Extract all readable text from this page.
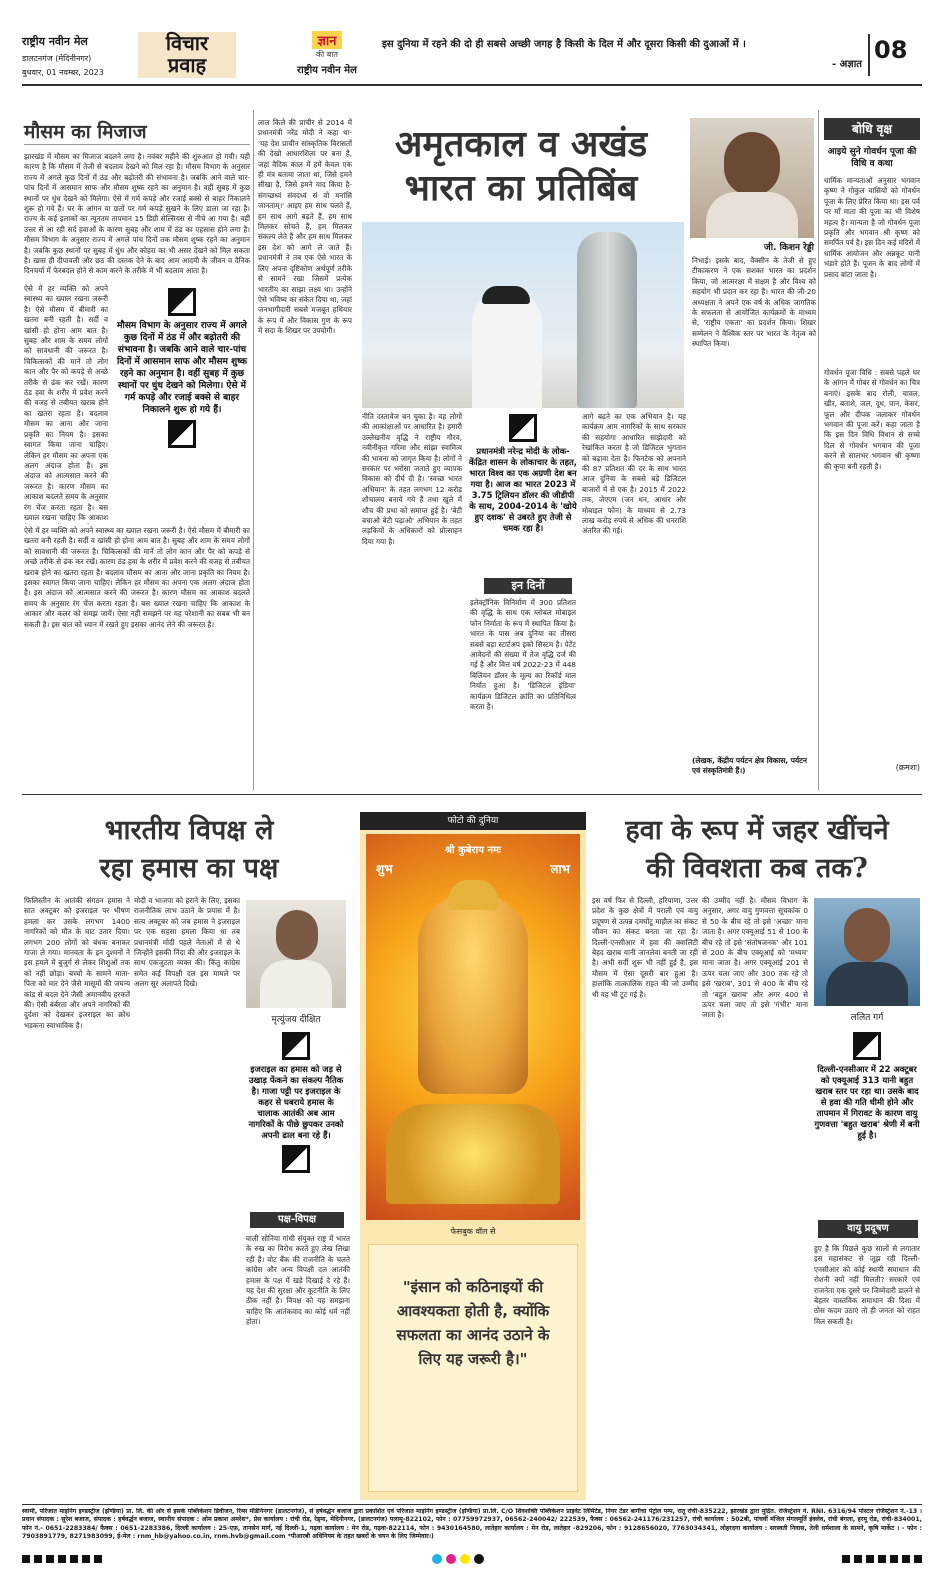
राष्ट्रीय नवीन मेल
डालटनगंज (मेदिनीनगर)
बुधवार, 01 नवम्बर, 2023
विचार
प्रवाह
ज्ञान
की बात
राष्ट्रीय नवीन मेल
इस दुनिया में रहने की दो ही सबसे अच्छी जगह है किसी के दिल में और दूसरा किसी की दुआओं में ।
- अज्ञात
08
मौसम का मिजाज
झारखंड में मौसम का मिजाज बदलने लगा है। नवंबर महीने की शुरुआत हो गयी। यही कारण है कि मौसम में तेजी से बदलाव देखने को मिल रहा है। मौसम विभाग के अनुसार राज्य में अगले कुछ दिनों में ठंड और बढ़ोतरी की संभावना है। जबकि आने वाले चार-पांच दिनों में आसमान साफ और मौसम शुष्क रहने का अनुमान है। वहीं सुबह में कुछ स्थानों पर धुंध देखने को मिलेगा। ऐसे में गर्म कपड़े और रजाई बक्से से बाहर निकालने शुरू हो गये हैं। घर के आंगन या छतों पर गर्म कपड़े सुखने के लिए डाला जा रहा है। राज्य के कई इलाकों का न्यूनतम तापमान 15 डिग्री सेल्सियस से नीचे आ गया है। वहीं उत्तर से आ रही सर्द हवाओं के कारण सुबह और शाम में ठंड का एहसास होने लगा है। मौसम विभाग के अनुसार राज्य में अगले पांच दिनों तक मौसम शुष्क रहने का अनुमान है। जबकि कुछ स्थानों पर सुबह में धुंध और कोहरा का भी असर देखने को मिल सकता है। खास ही दीपावली और छठ की दस्तक देने के बाद आम आदमी के जीवन व दैनिक दिनचर्या में फेरबदल होने से काम करने के तरीके में भी बदलाव आता है।
मौसम विभाग के अनुसार राज्य में अगले कुछ दिनों में ठंड में और बढ़ोतरी की संभावना है। जबकि आने वाले चार-पांच दिनों में आसमान साफ और मौसम शुष्क रहने का अनुमान है। वहीं सुबह में कुछ स्थानों पर धुंध देखने को मिलेगा। ऐसे में गर्म कपड़े और रजाई बक्से से बाहर निकालने शुरू हो गये हैं।
ऐसे में हर व्यक्ति को अपने स्वास्थ्य का ख्याल रखना जरूरी है। ऐसे मौसम में बीमारी का खतरा बनी रहती है। सर्दी व खांसी हो होना आम बात है। सुबह और शाम के समय लोगों को सावधानी की जरूरत है। चिकित्सकों की मानें तो लोग कान और पैर को कपड़े से अच्छे तरीके से ढंक कर रखें। कारण ठंड हवा के शरीर में प्रवेश करने की वजह से तबीयत खराब होने का खतरा रहता है। बदलाव मौसम का आना और जाना प्रकृति का नियम है। इसका स्वागत किया जाना चाहिए। लेकिन हर मौसम का अपना एक अलग अंदाज होता है। इस अंदाज को आत्मसात करने की जरूरत है। कारण मौसम का आकाश बदलते समय के अनुसार रंग चेंज करता रहता है। बस ख्याल रखना चाहिए कि आकाश
ऐसे में हर व्यक्ति को अपने स्वास्थ्य का ख्याल रखना जरूरी है। ऐसे मौसम में बीमारी का खतरा बनी रहती है। सर्दी व खांसी हो होना आम बात है। सुबह और शाम के समय लोगों को सावधानी की जरूरत है। चिकित्सकों की मानें तो लोग कान और पैर को कपड़े से अच्छे तरीके से ढंक कर रखें। कारण ठंड हवा के शरीर में प्रवेश करने की वजह से तबीयत खराब होने का खतरा रहता है। बदलाव मौसम का आना और जाना प्रकृति का नियम है। इसका स्वागत किया जाना चाहिए। लेकिन हर मौसम का अपना एक अलग अंदाज होता है। इस अंदाज को आत्मसात करने की जरूरत है। कारण मौसम का आकाश बदलते समय के अनुसार रंग चेंज करता रहता है। बस ख्याल रखना चाहिए कि आकाश के आकार और कलर को समझ जायें। ऐसा नहीं समझने पर यह परेशानी का सबब भी बन सकती है। इस बात को ध्यान में रखते हुए इसका आनंद लेने की जरूरत है।
लाल किले की प्राचीर से 2014 में प्रधानमंत्री नरेंद्र मोदी ने कहा था- 'यह देश प्राचीन सांस्कृतिक विरासतों की देखो आधारशिला पर बना है, जहां वैदिक काल में हमें केवल एक ही मंत्र बताया जाता था, जिसे हमने सीखा है, जिसे हमने याद किया है- संगच्छध्वं संवदध्वं सं वो मनांसि जानताम्।' आइए हम साथ चलते हैं, हम साथ आगे बढ़ते हैं, हम साथ मिलकर सोचते हैं, हम मिलकर संकल्प लेते हैं और हम साथ मिलकर इस देश को आगे ले जाते हैं। प्रधानमंत्री ने तब एक ऐसे भारत के लिए अपना दृष्टिकोण अर्थपूर्ण तरीके से सामने रखा जिसमें प्रत्येक भारतीय का साझा लक्ष्य था। उन्होंने ऐसे भविष्य का संकेत दिया था, जहां जनभागीदारी सबसे मजबूत हथियार के रूप में और विकास गुण के रूप में सदा के शिखर पर उपयोगी।
अमृतकाल व अखंड
भारत का प्रतिबिंब
जी. किशन रेड्डी
नीति दस्तावेज बन चुका है। वह लोगों की आकांक्षाओं पर आधारित है। हमारी उल्लेखनीय वृद्धि ने राष्ट्रीय गौरव, नवीनीकृत गरिमा और सांझा स्वामित्व की भावना को जागृत किया है। लोगों ने सरकार पर भरोसा जताते हुए व्यापक विकास को दीर्घ दी है। 'स्वच्छ भारत अभियान' के तहत लगभग 12 करोड़ शौचालय बनाये गये हैं तथा खुले में शौच की प्रथा को समाप्त हुई है। 'बेटी बचाओ बेटी पढ़ाओ' अभियान के तहत लड़कियों के अधिकारों को प्रोत्साहन दिया गया है।
प्रधानमंत्री नरेन्द्र मोदी के लोक-केंद्रित शासन के लोकाचार के तहत, भारत विश्व का एक अग्रणी देश बन गया है। आज का भारत 2023 में 3.75 ट्रिलियन डॉलर की जीडीपी के साथ, 2004-2014 के 'खोये हुए दशक' से उबरते हुए तेजी से चमक रहा है।
इन दिनों
इलेक्ट्रॉनिक विनिर्माण में 300 प्रतिशत की वृद्धि के साथ एक ग्लोबल मोबाइल फोन निर्माता के रूप में स्थापित किया है। भारत के पास अब दुनिया का तीसरा सबसे बड़ा स्टार्टअप इको सिस्टम है। पेटेंट आवेदनों की संख्या में तेज वृद्धि दर्ज की गई है और वित्त वर्ष 2022-23 में 448 बिलियन डॉलर के मूल्य का रिकॉर्ड माल निर्यात हुआ है। 'डिजिटल इंडिया' कार्यक्रम डिजिटल क्रांति का प्रतिनिधित्व करता है।
आगे बढ़ने का एक अभियान है। यह कार्यक्रम आम नागरिकों के साथ सरकार की सहयोगा आधारित साझेदारी को रेखांकित करता है जो डिजिटल भुगतान को बढ़ावा देता है। फिनटेक को अपनाने की 87 प्रतिशत की दर के साथ भारत आज दुनिया के सबसे बड़े डिजिटल बाजारों में से एक है। 2015 में 2022 तक, जेएएम (जन धन, आधार और मोबाइल फोन) के माध्यम से 2.73 लाख करोड़ रुपये से अधिक की धनराशि अंतरित की गई।
निभाई। इसके बाद, वैक्सीन के तेजी से हुए टीकाकरण ने एक सशक्त भारत का प्रदर्शन किया, जो आत्मरक्षा में सक्षम है और विश्व को सहयोग भी प्रदान कर रहा है। भारत की जी-20 अध्यक्षता ने अपने एक वर्ष के अधिक जागतिक के सफलता से आयोजित कार्यक्रमों के माध्यम से, 'राष्ट्रीय एकता' का प्रदर्शन किया। शिखर सम्मेलन ने वैश्विक स्तर पर भारत के नेतृत्व को स्थापित किया।
(लेखक, केंद्रीय पर्यटन क्षेत्र विकास, पर्यटन एवं संस्कृतिमंत्री हैं।)
बोधि वृक्ष
आइये सुने गोवर्धन पूजा की विधि व कथा
धार्मिक मान्यताओं अनुसार भगवान कृष्ण ने गोकुल वासियों को गोवर्धन पूजा के लिए प्रेरित किया था। इस पर्व पर माँ माता की पूजा का भी विशेष महत्व है। मान्यता है जो गोवर्धन पूजा प्रकृति और भगवान श्री कृष्ण को समर्पित पर्व है। इस दिन कई मंदिरों में धार्मिक आयोजन और अन्नकूट यानी भंडारे होते हैं। पूजन के बाद लोगों में प्रसाद बांटा जाता है।
गोवर्धन पूजा विधि : सबसे पहले घर के आंगन में गोबर से गोवर्धन का चित्र बनाएं। इसके बाद रोली, चावल, खीर, बताशे, जल, दूध, पान, केसर, फूल और दीपक जलाकर गोवर्धन भगवान की पूजा करें। कहा जाता है कि इस दिन विधि विधान से सच्चे दिल से गोवर्धन भगवान की पूजा करने से सालभर भगवान श्री कृष्णा की कृपा बनी रहती है।
(क्रमशः)
भारतीय विपक्ष ले
रहा हमास का पक्ष
फिलिस्तीन के आतंकी संगठन हमास ने सात अक्टूबर को इजराइल पर भीषण हमला कर उसके लगभग 1400 नागरिकों को मौत के घाट उतार दिया। लगभग 200 लोगों को बंधक बनाकर गाजा ले गया। मानवता के इन दुश्मनों ने इस हमले में बुजुर्ग से लेकर शिशुओं तक को नहीं छोड़ा। बच्चों के सामने माता-पिता को मार देने जैसे मासूमों की जघन्य कांड से बदल देने जैसी अमानवीय हरकतें की। ऐसी बर्बरता और अपने नागरिकों की दुर्दशा को देखकर इजराइल का क्रोध भड़कना स्वाभाविक है।
मोदी व भाजपा को हराने के लिए, इसका राजनीतिक लाभ उठाने के प्रयास में है। सत्य अक्टूबर को जब हमास ने इजराइल पर एक सहसा हमला किया था तब प्रधानमंत्री मोदी पहले नेताओं में से थे जिन्होंने इसकी निंदा की और इजराइल के साथ एकजुटता व्यक्त की। किंतु कांग्रेस समेत कई विपक्षी दल इस मामले पर अलग सुर अलापते दिखे।
मृत्युंजय दीक्षित
इजराइल का हमास को जड़ से उखाड़ फेंकने का संकल्प नैतिक है। गाजा पट्टी पर इजराइल के कहर से घबराये हमास के चालाक आतंकी अब आम नागरिकों के पीछे छुपकर उनको अपनी ढाल बना रहे हैं।
पक्ष-विपक्ष
वाली सोनिया गांधी संयुक्त राष्ट्र में भारत के रुख का विरोध करते हुए लेख लिखा रही हैं। वोट बैंक की राजनीति के चलते कांग्रेस और अन्य विपक्षी दल आतंकी हमास के पक्ष में खड़े दिखाई दे रहे हैं। यह देश की सुरक्षा और कूटनीति के लिए ठीक नहीं है। विपक्ष को यह समझना चाहिए कि आतंकवाद का कोई धर्म नहीं होता।
फोटो की दुनिया
श्री कुबेराय नमः
शुभ	लाभ
फेसबुक वॉल से
"इंसान को कठिनाइयों की आवश्यकता होती है, क्योंकि सफलता का आनंद उठाने के लिए यह जरूरी है।"
हवा के रूप में जहर खींचने
की विवशता कब तक?
इस वर्ष फिर से दिल्ली, हरियाणा, उत्तर प्रदेश के कुछ क्षेत्रों में पराली एवं वायु प्रदूषण से उत्पन्न दमघोंटू माहौल का संकट जीवन का संकट बनता जा रहा है। दिल्ली-एनसीआर में हवा की क्वालिटी बेहद खराब यानी जानलेवा बनती जा रही है। अभी सर्दी शुरू भी नहीं हुई है, इस मौसम में ऐसा दूसरी बार हुआ है। हालांकि तात्कालिक राहत की जो उम्मीद थी वह भी टूट गई है।
की उम्मीद नहीं है। मौसम विभाग के अनुसार, अगर वायु गुणवत्ता सूचकांक 0 से 50 के बीच रहे तो इसे 'अच्छा' माना जाता है। अगर एक्यूआई 51 से 100 के बीच रहे तो इसे 'संतोषजनक' और 101 से 200 के बीच एक्यूआई को 'मध्यम' माना जाता है। अगर एक्यूआई 201 से ऊपर चला जाए और 300 तक रहे तो इसे 'खराब', 301 से 400 के बीच रहे तो 'बहुत खराब' और अगर 400 से ऊपर चला जाए तो इसे 'गंभीर' माना जाता है।	ललित गर्ग
दिल्ली-एनसीआर में 22 अक्टूबर को एक्यूआई 313 यानी बहुत खराब स्तर पर रहा था। उसके बाद से हवा की गति धीमी होने और तापमान में गिरावट के कारण वायु गुणवत्ता 'बहुत खराब' श्रेणी में बनी हुई है।
वायु प्रदूषण
हुए है कि पिछले कुछ सालों से लगातार इस महासंकट से जूझ रही दिल्ली-एनसीआर को कोई स्थायी समाधान की रोशनी क्यों नहीं मिलती? सरकारें एवं राजनेता एक दूसरे पर जिम्मेदारी डालने से बेहतर वास्तविक समाधान की दिशा में ठोस कदम उठाएं तो ही जनता को राहत मिल सकती है।
स्वामी, परिजात माइनिंग इण्डस्ट्रीज (इण्डिया) प्रा. लि. की ओर से इसके पब्लिकेशन डिवीजन, रिम्स मेडिनिनगर (डालटनगंज), से हर्षवर्द्धन बजाज द्वारा प्रकाशित एवं परिजात माइनिंग इण्डस्ट्रीज (इण्डिया) प्रा.लि. C/O शिवशक्ति पब्लिकेशन प्राइवेट लिमिटेड, नियर टेंडर बागीचा पेट्रोल पम्प, रातू रांची-835222, झारखंड द्वारा मुद्रित. रजिस्ट्रेशन नं. RNI. 6316/94 पोस्टल रजिस्ट्रेशन नं.-13 । प्रधान संपादक : सुरेश बजाज, संपादक : हर्षवर्द्धन बजाज, स्थानीय संपादक : ओम प्रकाश अमरेश*, प्रेस कार्यालय : रांची रोड, रेड्मा, मेदिनीनगर, (डालटनगंज) पलामू-822102, फोन : 07759972937, 06562-240042/ 222539, फैक्स : 06562-241176/231257, रांची कार्यालय : 502बी, पांचवीं मंजिल मंगलमूर्ति इंक्लेव, रांची बंगला, हरमू रोड, रांची-834001, फोन नं.- 0651-2283384/ फैक्स : 0651-2283386, दिल्ली कार्यालय : 25-एफ़, तानसेन मार्ग, नई दिल्ली-1, गढ़वा कार्यालय : मेन रोड, गढ़वा-822114, फोन : 9430164580, लातेहार कार्यालय : मेन रोड, लातेहार -829206, फोन : 9128656020, 7763034341, लोहरदगा कार्यालय : सरस्वती निवास, तेली धर्मशाला के सामने, कृषि मार्केट । - फोन : 7903891779, 8271983099, ई-मेल : rnm_hb@yahoo.co.in, rnm.hvb@gmail.com *पीआरबी अधिनियम के तहत खबरों के चयन के लिए जिम्मेवार।)
